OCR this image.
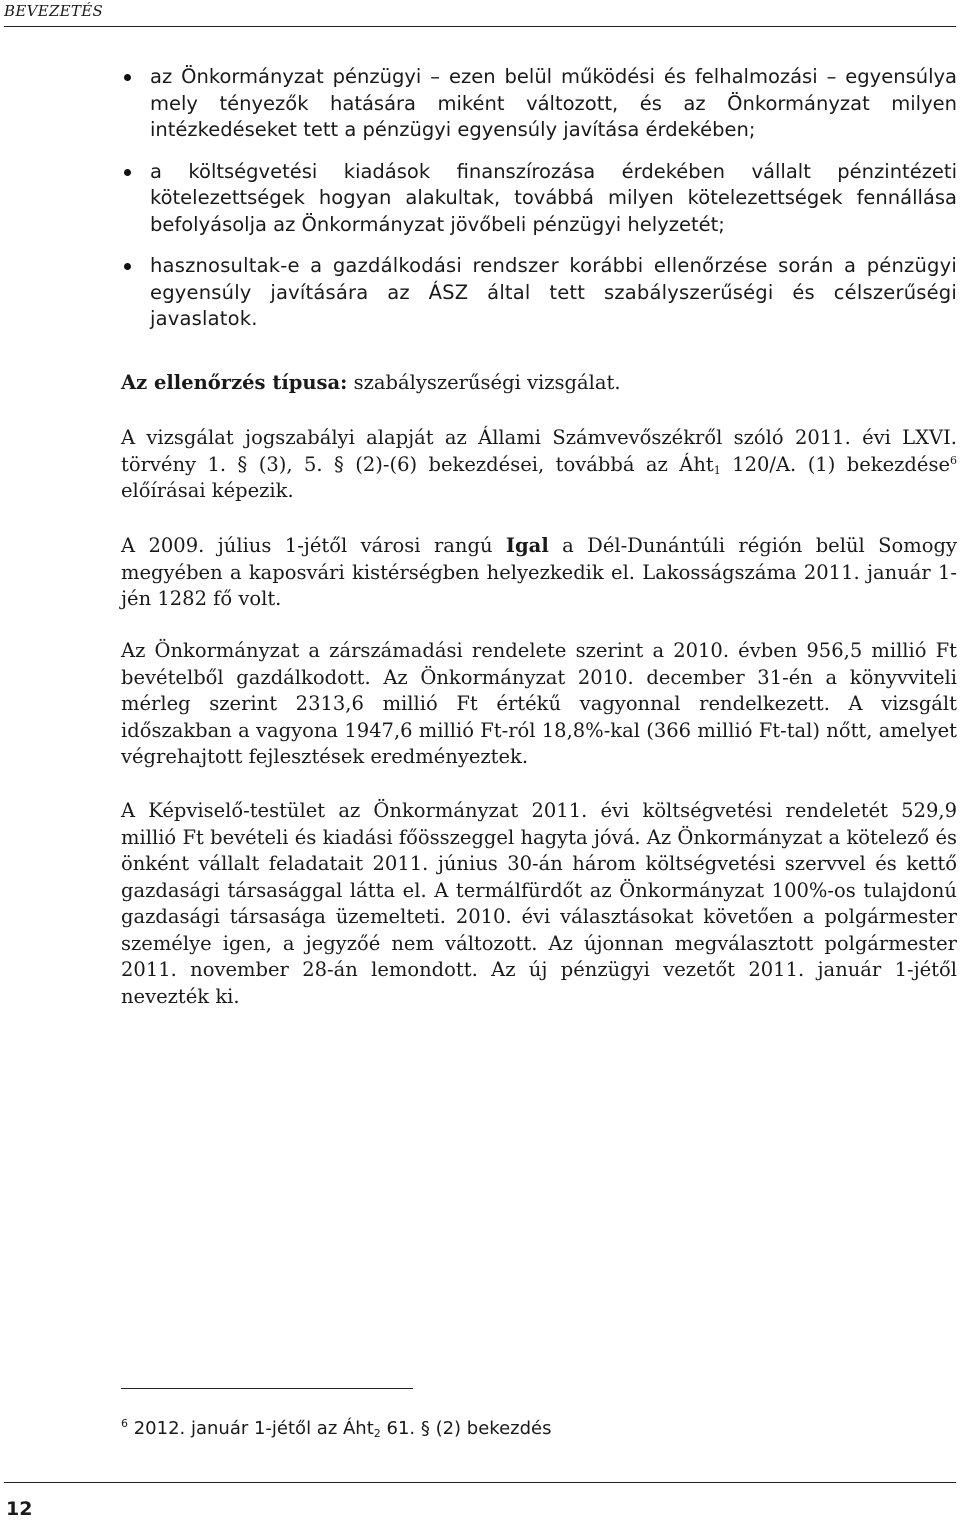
BEVEZETÉS
az Önkormányzat pénzügyi – ezen belül működési és felhalmozási – egyensúlya mely tényezők hatására miként változott, és az Önkormányzat milyen intézkedéseket tett a pénzügyi egyensúly javítása érdekében;
a költségvetési kiadások finanszírozása érdekében vállalt pénzintézeti kötelezettségek hogyan alakultak, továbbá milyen kötelezettségek fennállása befolyásolja az Önkormányzat jövőbeli pénzügyi helyzetét;
hasznosultak-e a gazdálkodási rendszer korábbi ellenőrzése során a pénzügyi egyensúly javítására az ÁSZ által tett szabályszerűségi és célszerűségi javaslatok.
Az ellenőrzés típusa: szabályszerűségi vizsgálat.
A vizsgálat jogszabályi alapját az Állami Számvevőszékről szóló 2011. évi LXVI. törvény 1. § (3), 5. § (2)-(6) bekezdései, továbbá az Áht$_1$ 120/A. (1) bekezdése$^6$ előírásai képezik.
A 2009. július 1-jétől városi rangú Igal a Dél-Dunántúli régión belül Somogy megyében a kaposvári kistérségben helyezkedik el. Lakosságszáma 2011. január 1-jén 1282 fő volt.
Az Önkormányzat a zárszámadási rendelete szerint a 2010. évben 956,5 millió Ft bevételből gazdálkodott. Az Önkormányzat 2010. december 31-én a könyvviteli mérleg szerint 2313,6 millió Ft értékű vagyonnal rendelkezett. A vizsgált időszakban a vagyona 1947,6 millió Ft-ról 18,8%-kal (366 millió Ft-tal) nőtt, amelyet végrehajtott fejlesztések eredményeztek.
A Képviselő-testület az Önkormányzat 2011. évi költségvetési rendeletét 529,9 millió Ft bevételi és kiadási főösszeggel hagyta jóvá. Az Önkormányzat a kötelező és önként vállalt feladatait 2011. június 30-án három költségvetési szervvel és kettő gazdasági társasággal látta el. A termálfürdőt az Önkormányzat 100%-os tulajdonú gazdasági társasága üzemelteti. 2010. évi választásokat követően a polgármester személye igen, a jegyzőé nem változott. Az újonnan megválasztott polgármester 2011. november 28-án lemondott. Az új pénzügyi vezetőt 2011. január 1-jétől nevezték ki.
$^6$ 2012. január 1-jétől az Áht$_2$ 61. § (2) bekezdés
12
